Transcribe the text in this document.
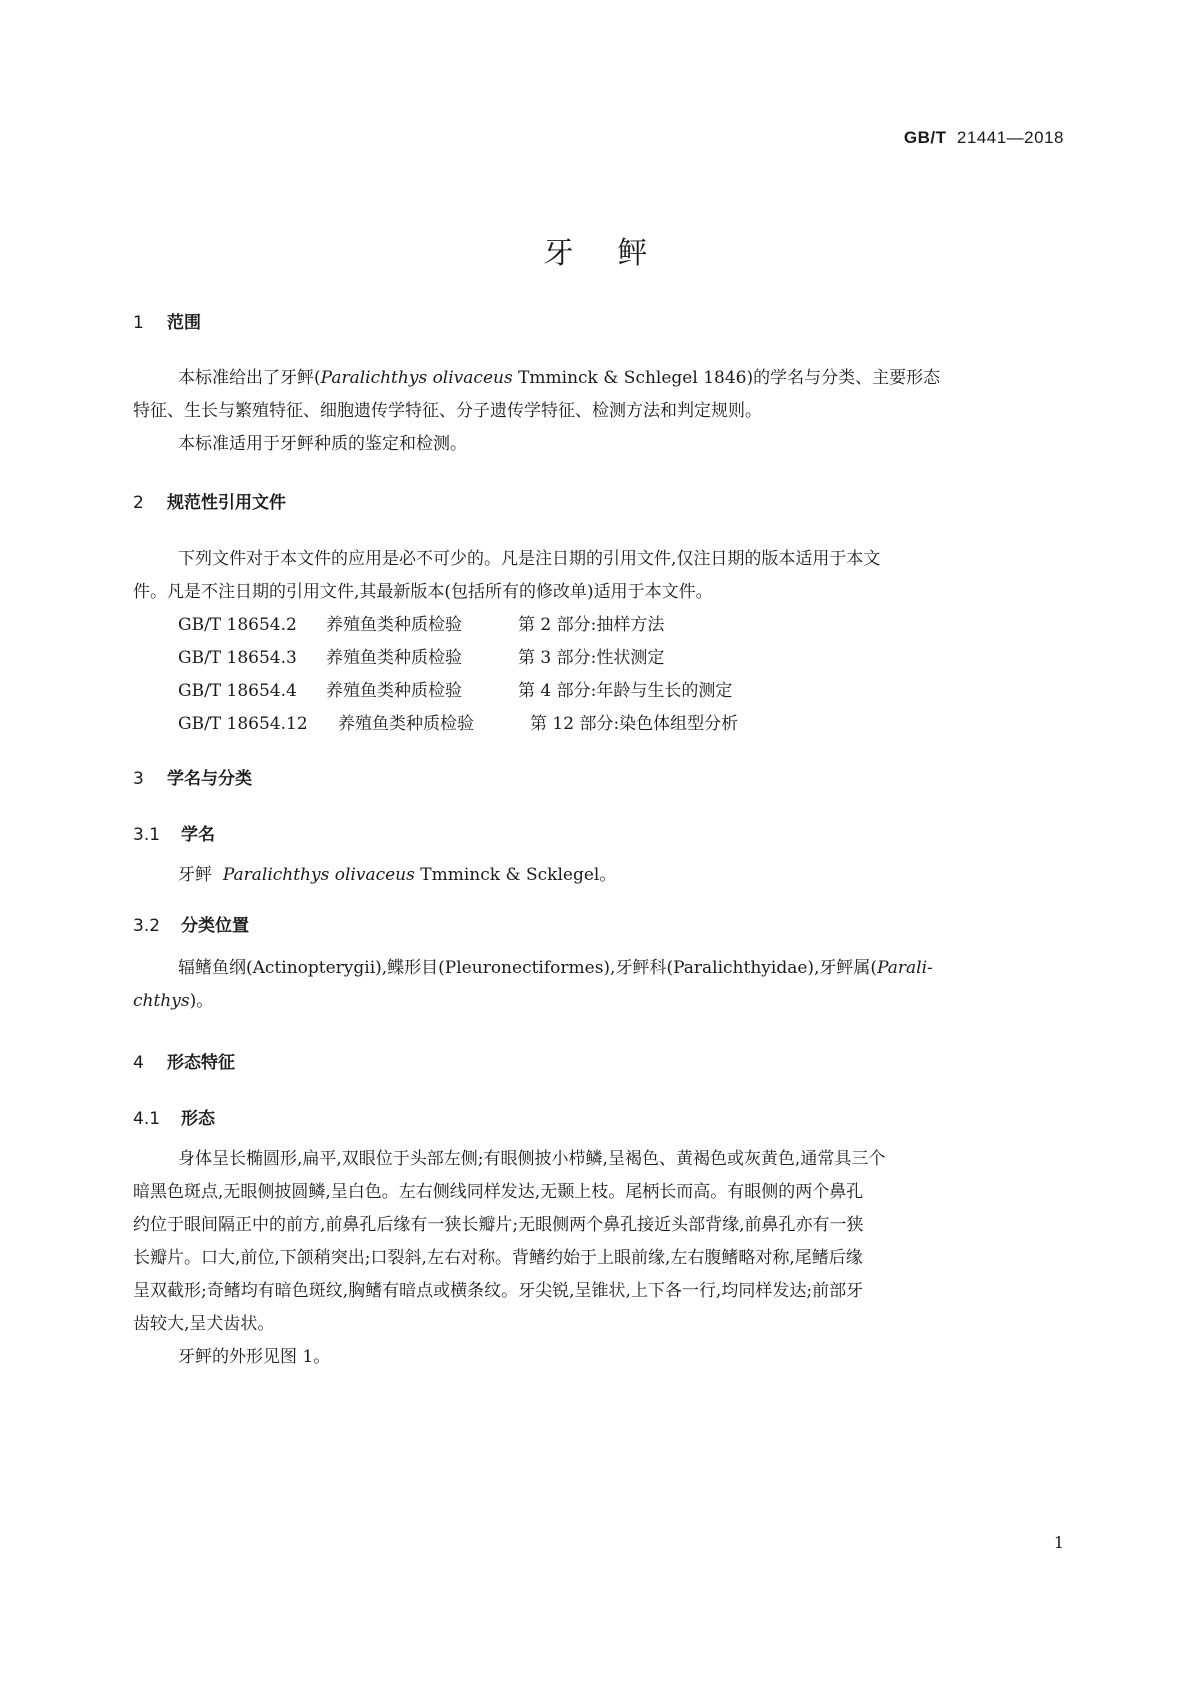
GB/T 21441—2018
牙鲆
1 范围
本标准给出了牙鲆(Paralichthys olivaceus Tmminck & Schlegel 1846)的学名与分类、主要形态
特征、生长与繁殖特征、细胞遗传学特征、分子遗传学特征、检测方法和判定规则。
本标准适用于牙鲆种质的鉴定和检测。
2 规范性引用文件
下列文件对于本文件的应用是必不可少的。凡是注日期的引用文件,仅注日期的版本适用于本文
件。凡是不注日期的引用文件,其最新版本(包括所有的修改单)适用于本文件。
GB/T 18654.2 养殖鱼类种质检验	第 2 部分:抽样方法
GB/T 18654.3 养殖鱼类种质检验	第 3 部分:性状测定
GB/T 18654.4 养殖鱼类种质检验	第 4 部分:年龄与生长的测定
GB/T 18654.12 养殖鱼类种质检验	第 12 部分:染色体组型分析
3 学名与分类
3.1 学名
牙鲆  Paralichthys olivaceus Tmminck & Scklegel。
3.2 分类位置
辐鳍鱼纲(Actinopterygii),鲽形目(Pleuronectiformes),牙鲆科(Paralichthyidae),牙鲆属(Parali-
chthys)。
4 形态特征
4.1 形态
身体呈长椭圆形,扁平,双眼位于头部左侧;有眼侧披小栉鳞,呈褐色、黄褐色或灰黄色,通常具三个
暗黑色斑点,无眼侧披圆鳞,呈白色。左右侧线同样发达,无颞上枝。尾柄长而高。有眼侧的两个鼻孔
约位于眼间隔正中的前方,前鼻孔后缘有一狭长瓣片;无眼侧两个鼻孔接近头部背缘,前鼻孔亦有一狭
长瓣片。口大,前位,下颌稍突出;口裂斜,左右对称。背鳍约始于上眼前缘,左右腹鳍略对称,尾鳍后缘
呈双截形;奇鳍均有暗色斑纹,胸鳍有暗点或横条纹。牙尖锐,呈锥状,上下各一行,均同样发达;前部牙
齿较大,呈犬齿状。
牙鲆的外形见图 1。
1
